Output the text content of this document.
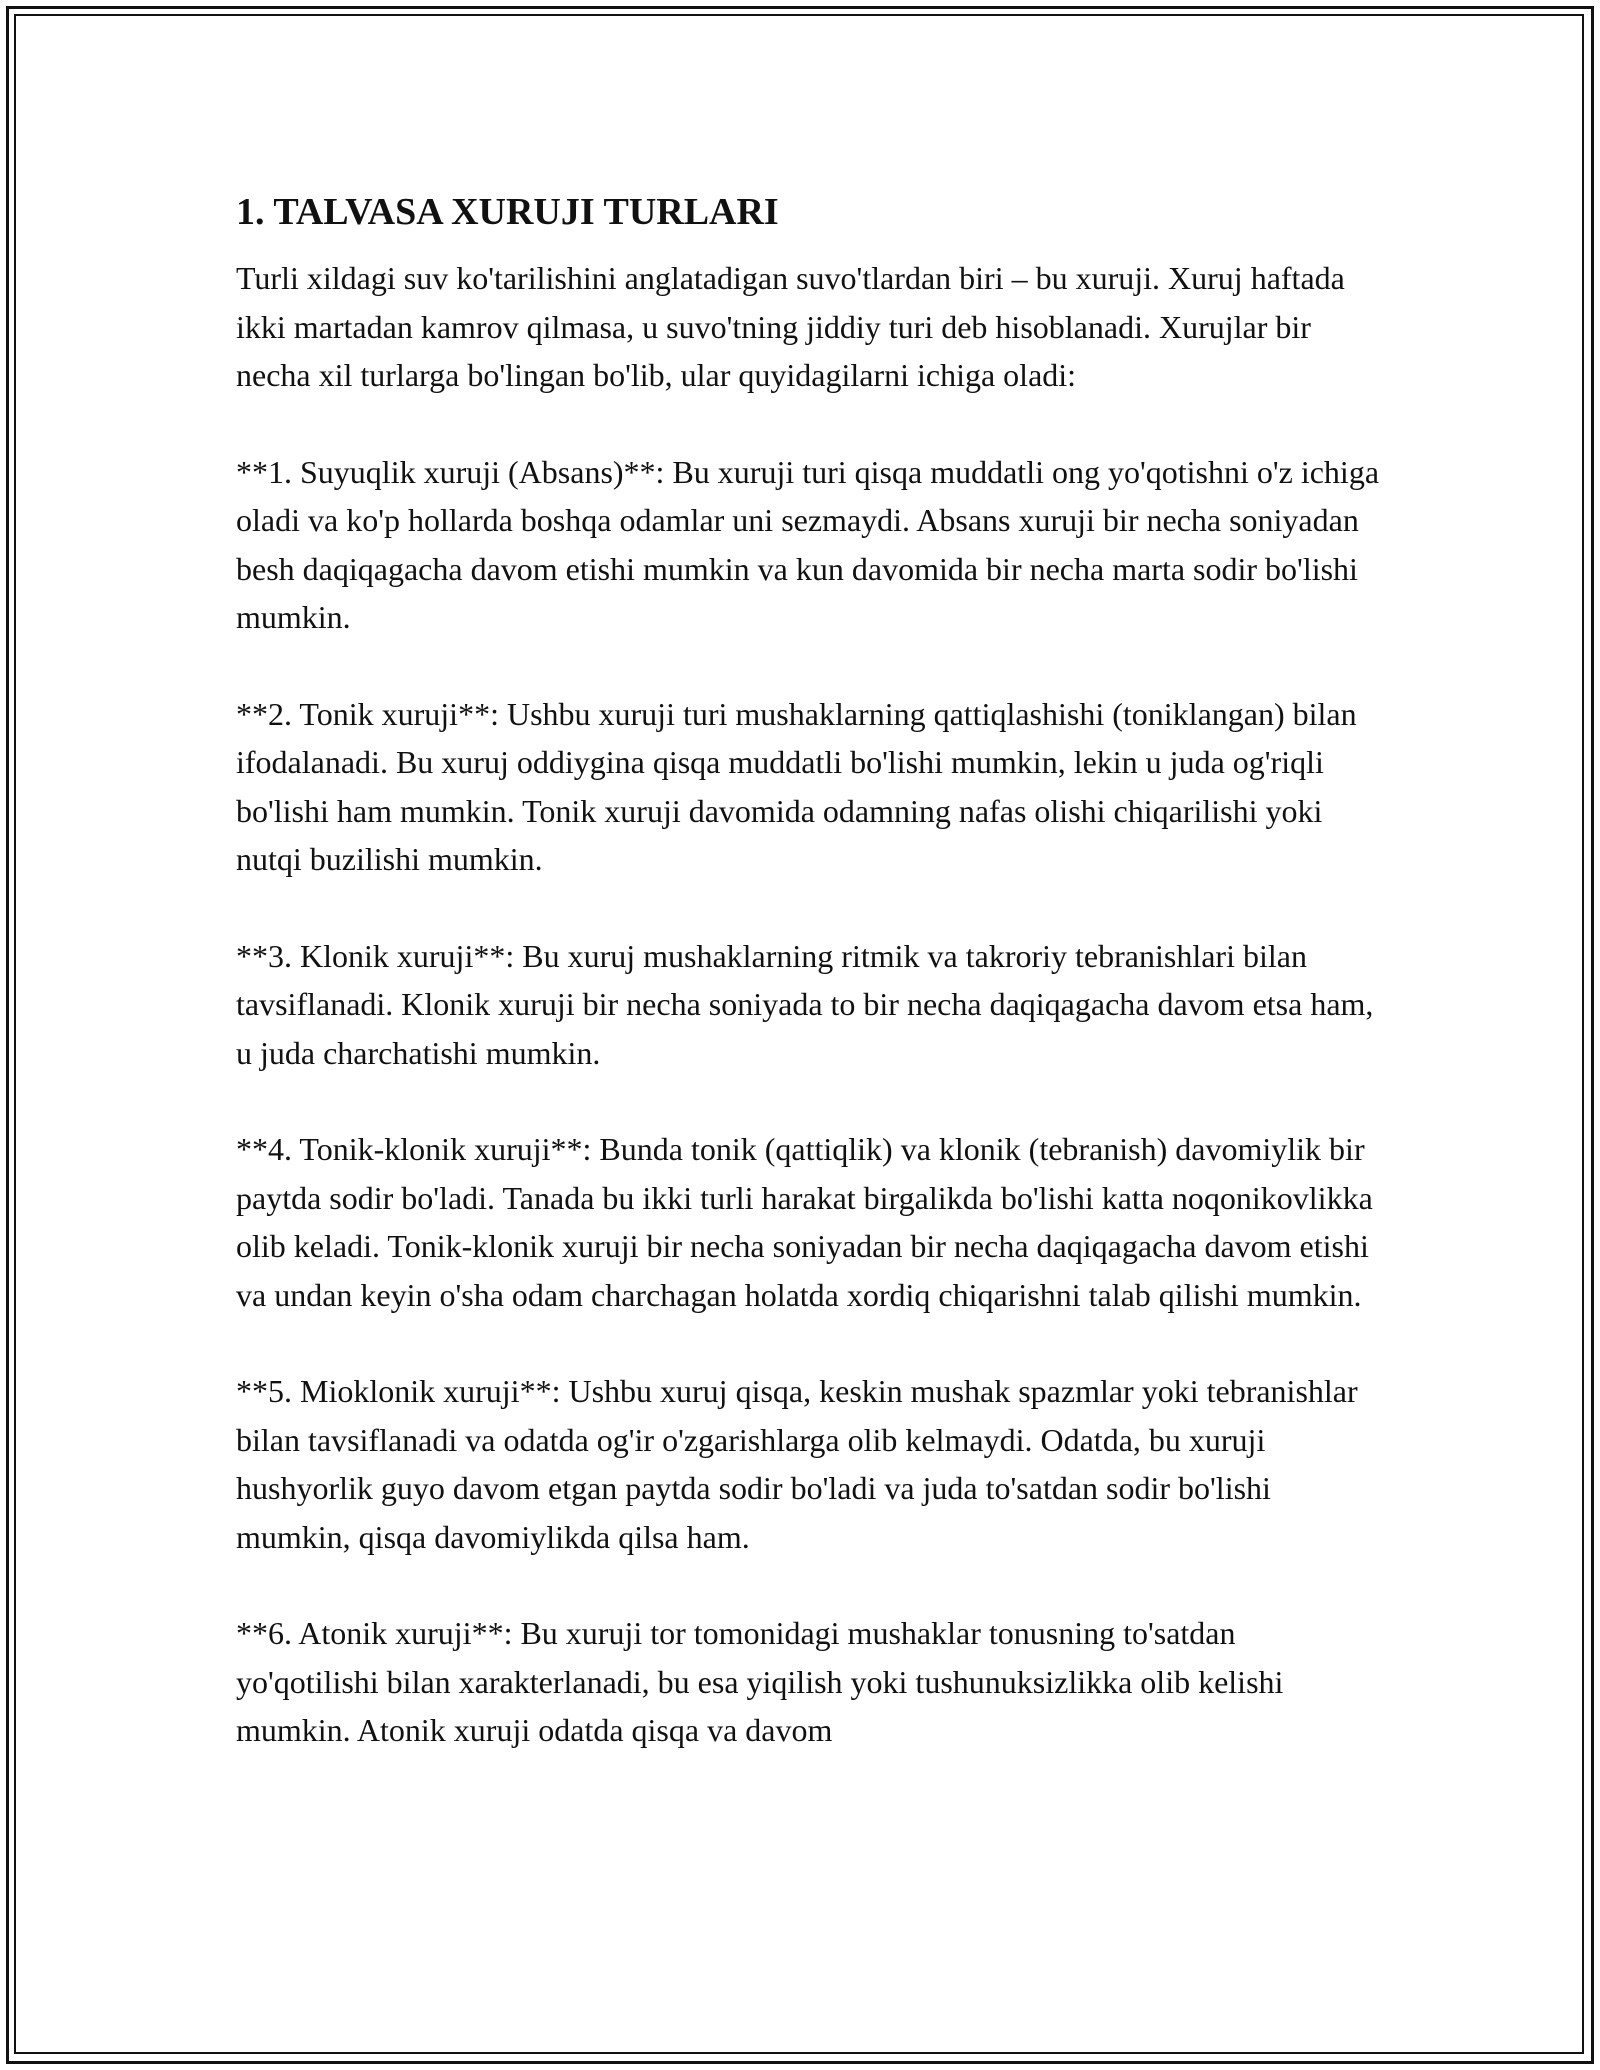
1. TALVASA XURUJI TURLARI

Turli xildagi suv ko'tarilishini anglatadigan suvo'tlardan biri – bu xuruji. Xuruj haftada ikki martadan kamrov qilmasa, u suvo'tning jiddiy turi deb hisoblanadi. Xurujlar bir necha xil turlarga bo'lingan bo'lib, ular quyidagilarni ichiga oladi:

**1. Suyuqlik xuruji (Absans)**: Bu xuruji turi qisqa muddatli ong yo'qotishni o'z ichiga oladi va ko'p hollarda boshqa odamlar uni sezmaydi. Absans xuruji bir necha soniyadan besh daqiqagacha davom etishi mumkin va kun davomida bir necha marta sodir bo'lishi mumkin.

**2. Tonik xuruji**: Ushbu xuruji turi mushaklarning qattiqlashishi (toniklangan) bilan ifodalanadi. Bu xuruj oddiygina qisqa muddatli bo'lishi mumkin, lekin u juda og'riqli bo'lishi ham mumkin. Tonik xuruji davomida odamning nafas olishi chiqarilishi yoki nutqi buzilishi mumkin.

**3. Klonik xuruji**: Bu xuruj mushaklarning ritmik va takroriy tebranishlari bilan tavsiflanadi. Klonik xuruji bir necha soniyada to bir necha daqiqagacha davom etsa ham, u juda charchatishi mumkin.

**4. Tonik-klonik xuruji**: Bunda tonik (qattiqlik) va klonik (tebranish) davomiylik bir paytda sodir bo'ladi. Tanada bu ikki turli harakat birgalikda bo'lishi katta noqonikovlikka olib keladi. Tonik-klonik xuruji bir necha soniyadan bir necha daqiqagacha davom etishi va undan keyin o'sha odam charchagan holatda xordiq chiqarishni talab qilishi mumkin.

**5. Mioklonik xuruji**: Ushbu xuruj qisqa, keskin mushak spazmlar yoki tebranishlar bilan tavsiflanadi va odatda og'ir o'zgarishlarga olib kelmaydi. Odatda, bu xuruji hushyorlik guyo davom etgan paytda sodir bo'ladi va juda to'satdan sodir bo'lishi mumkin, qisqa davomiylikda qilsa ham.

**6. Atonik xuruji**: Bu xuruji tor tomonidagi mushaklar tonusning to'satdan yo'qotilishi bilan xarakterlanadi, bu esa yiqilish yoki tushunuksizlikka olib kelishi mumkin. Atonik xuruji odatda qisqa va davom
